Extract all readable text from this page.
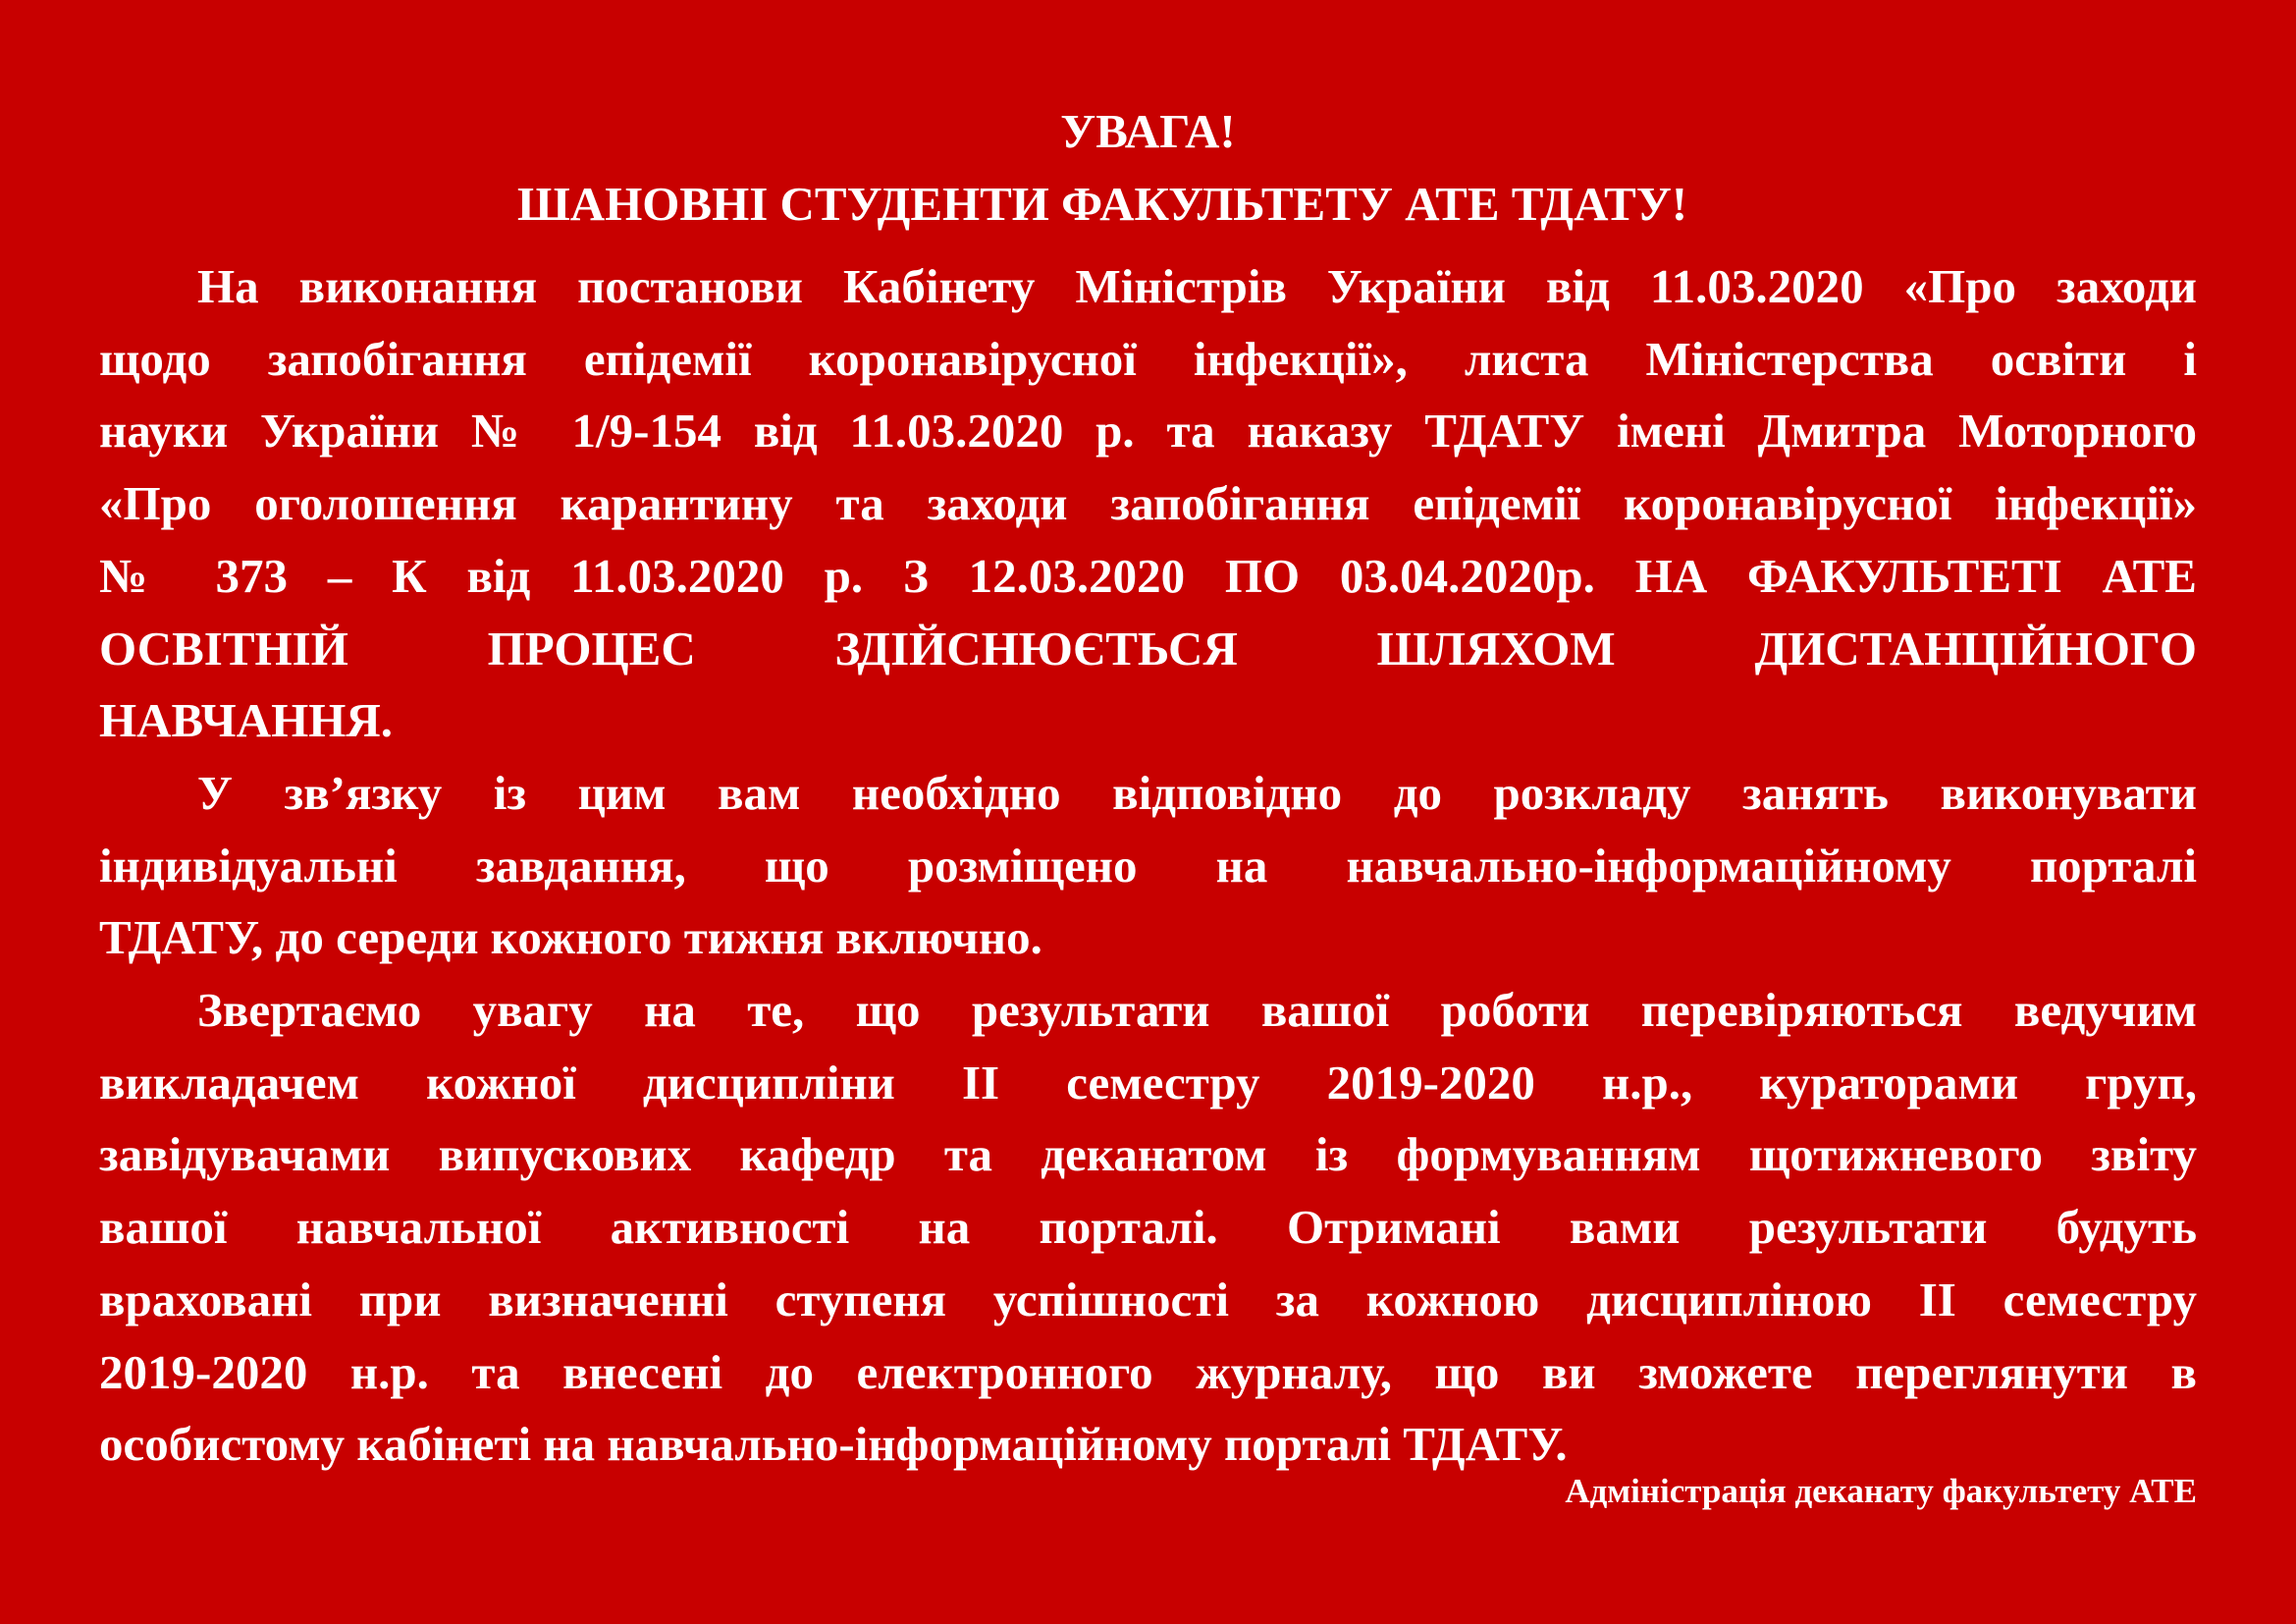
УВАГА!
ШАНОВНІ СТУДЕНТИ ФАКУЛЬТЕТУ АТЕ ТДАТУ!
На виконання постанови Кабінету Міністрів України від 11.03.2020 «Про заходи
щодо запобігання епідемії коронавірусної інфекції», листа Міністерства освіти і
науки України № 1/9-154 від 11.03.2020 р. та наказу ТДАТУ імені Дмитра Моторного
«Про оголошення карантину та заходи запобігання епідемії коронавірусної інфекції»
№ 373 – К від 11.03.2020 р. З 12.03.2020 ПО 03.04.2020р. НА ФАКУЛЬТЕТІ АТЕ
ОСВІТНІЙ ПРОЦЕС ЗДІЙСНЮЄТЬСЯ ШЛЯХОМ ДИСТАНЦІЙНОГО
НАВЧАННЯ.
У зв’язку із цим вам необхідно відповідно до розкладу занять виконувати
індивідуальні завдання, що розміщено на навчально-інформаційному порталі
ТДАТУ, до середи кожного тижня включно.
Звертаємо увагу на те, що результати вашої роботи перевіряються ведучим
викладачем кожної дисципліни ІІ семестру 2019-2020 н.р., кураторами груп,
завідувачами випускових кафедр та деканатом із формуванням щотижневого звіту
вашої навчальної активності на порталі. Отримані вами результати будуть
враховані при визначенні ступеня успішності за кожною дисципліною ІІ семестру
2019-2020 н.р. та внесені до електронного журналу, що ви зможете переглянути в
особистому кабінеті на навчально-інформаційному порталі ТДАТУ.
Адміністрація деканату факультету АТЕ
